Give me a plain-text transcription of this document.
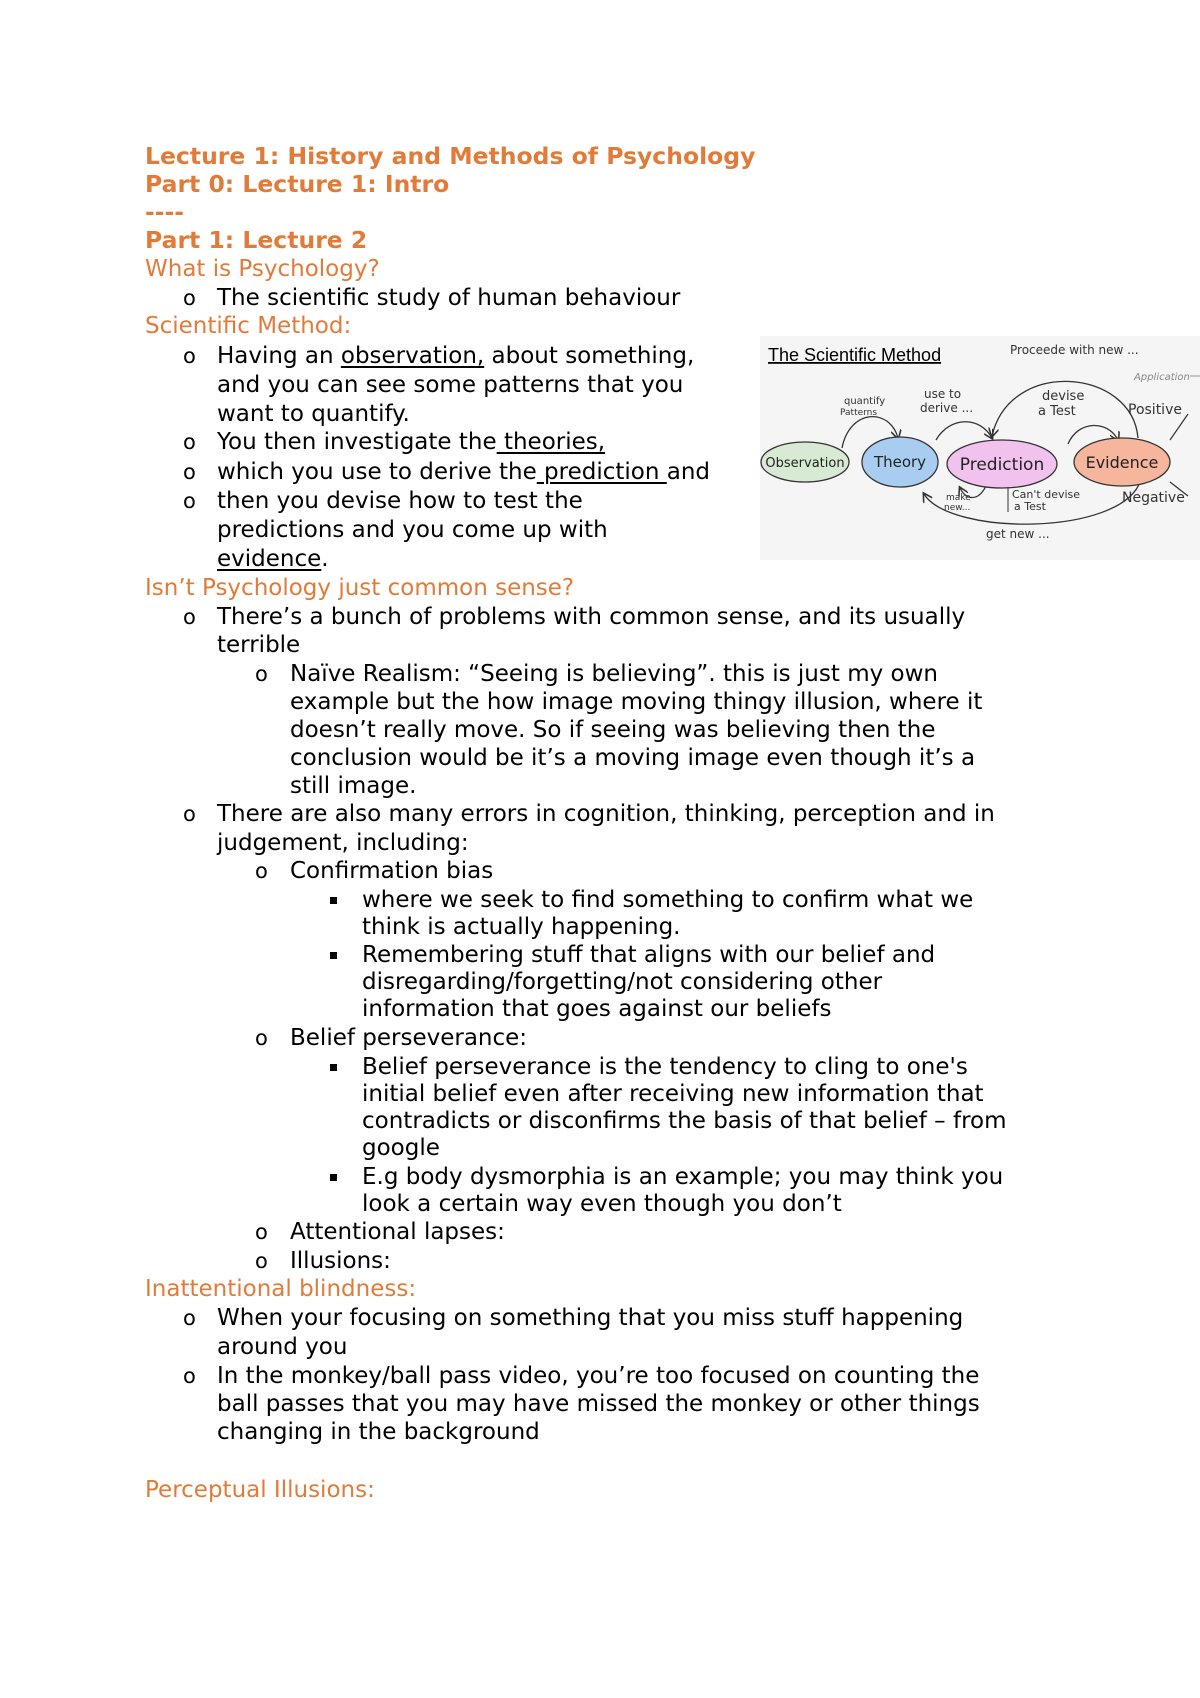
Lecture 1: History and Methods of Psychology
Part 0: Lecture 1: Intro
----
Part 1: Lecture 2
What is Psychology?
o The scientific study of human behaviour
Scientific Method:
o Having an observation, about something,
and you can see some patterns that you
want to quantify.
o You then investigate the theories,
o which you use to derive the prediction and
o then you devise how to test the
predictions and you come up with
evidence.
Isn’t Psychology just common sense?
o There’s a bunch of problems with common sense, and its usually
terrible
o Naïve Realism: “Seeing is believing”. this is just my own
example but the how image moving thingy illusion, where it
doesn’t really move. So if seeing was believing then the
conclusion would be it’s a moving image even though it’s a
still image.
o There are also many errors in cognition, thinking, perception and in
judgement, including:
o Confirmation bias
where we seek to find something to confirm what we
think is actually happening.
Remembering stuff that aligns with our belief and
disregarding/forgetting/not considering other
information that goes against our beliefs
o Belief perseverance:
Belief perseverance is the tendency to cling to one's
initial belief even after receiving new information that
contradicts or disconfirms the basis of that belief – from
google
E.g body dysmorphia is an example; you may think you
look a certain way even though you don’t
o Attentional lapses:
o Illusions:
Inattentional blindness:
o When your focusing on something that you miss stuff happening
around you
o In the monkey/ball pass video, you’re too focused on counting the
ball passes that you may have missed the monkey or other things
changing in the background
Perceptual Illusions:
The Scientific Method
Observation Theory Prediction	Evidence
quantify
Patterns
use to
derive ...
devise
a Test
Proceede with new ...
Application
Positive
Negative
make
new...
Can't devise
a Test
get new ...
